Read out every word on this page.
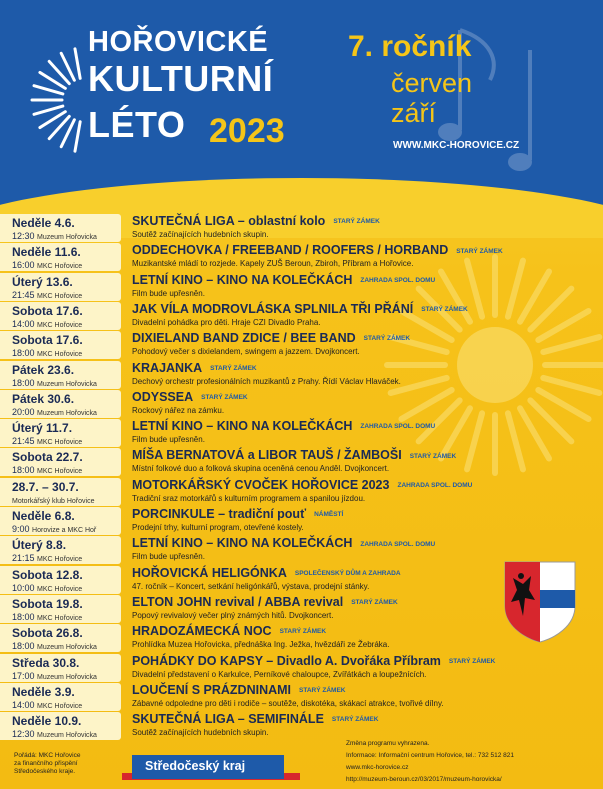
HOŘOVICKÉ
KULTURNÍ
LÉTO 2023
7. ročník
červen
září
WWW.MKC-HOROVICE.CZ
Neděle 4.6.
12:30 Muzeum Hořovicka
SKUTEČNÁ LIGA – oblastní kolo STARÝ ZÁMEK
Soutěž začínajících hudebních skupin.
Neděle 11.6.
16:00 MKC Hořovice
ODDECHOVKA / FREEBAND / ROOFERS / HORBAND STARÝ ZÁMEK
Muzikantské mládí to rozjede. Kapely ZUŠ Beroun, Zbiroh, Příbram a Hořovice.
Úterý 13.6.
21:45 MKC Hořovice
LETNÍ KINO – KINO NA KOLEČKÁCH ZAHRADA SPOL. DOMU
Film bude upřesněn.
Sobota 17.6.
14:00 MKC Hořovice
JAK VÍLA MODROVLÁSKA SPLNILA TŘI PŘÁNÍ STARÝ ZÁMEK
Divadelní pohádka pro děti. Hraje CZI Divadlo Praha.
Sobota 17.6.
18:00 MKC Hořovice
DIXIELAND BAND ZDICE / BEE BAND STARÝ ZÁMEK
Pohodový večer s dixielandem, swingem a jazzem. Dvojkoncert.
Pátek 23.6.
18:00 Muzeum Hořovicka
KRAJANKA STARÝ ZÁMEK
Dechový orchestr profesionálních muzikantů z Prahy. Řídí Václav Hlaváček.
Pátek 30.6.
20:00 Muzeum Hořovicka
ODYSSEA STARÝ ZÁMEK
Rockový nářez na zámku.
Úterý 11.7.
21:45 MKC Hořovice
LETNÍ KINO – KINO NA KOLEČKÁCH ZAHRADA SPOL. DOMU
Film bude upřesněn.
Sobota 22.7.
18:00 MKC Hořovice
MÍŠA BERNATOVÁ a LIBOR TAUŠ / ŽAMBOŠI STARÝ ZÁMEK
Místní folkové duo a folková skupina oceněná cenou Anděl. Dvojkoncert.
28.7. – 30.7.
Motorkářský klub Hořovice
MOTORKÁŘSKÝ CVOČEK HOŘOVICE 2023 ZAHRADA SPOL. DOMU
Tradiční sraz motorkářů s kulturním programem a spanilou jízdou.
Neděle 6.8.
9:00 Horovize a MKC Hoř
PORCINKULE – tradiční pouť NÁMĚSTÍ
Prodejní trhy, kulturní program, otevřené kostely.
Úterý 8.8.
21:15 MKC Hořovice
LETNÍ KINO – KINO NA KOLEČKÁCH ZAHRADA SPOL. DOMU
Film bude upřesněn.
Sobota 12.8.
10:00 MKC Hořovice
HOŘOVICKÁ HELIGÓNKA SPOLEČENSKÝ DŮM A ZAHRADA
47. ročník – Koncert, setkání heligónkářů, výstava, prodejní stánky.
Sobota 19.8.
18:00 MKC Hořovice
ELTON JOHN revival / ABBA revival STARÝ ZÁMEK
Popový revivalový večer plný známých hitů. Dvojkoncert.
Sobota 26.8.
18:00 Muzeum Hořovicka
HRADOZÁMECKÁ NOC STARÝ ZÁMEK
Prohlídka Muzea Hořovicka, přednáška Ing. Ježka, hvězdáři ze Žebráka.
Středa 30.8.
17:00 Muzeum Hořovicka
POHÁDKY DO KAPSY – Divadlo A. Dvořáka Příbram STARÝ ZÁMEK
Divadelní představení o Karkulce, Perníkové chaloupce, Zvířátkách a loupežnících.
Neděle 3.9.
14:00 MKC Hořovice
LOUČENÍ S PRÁZDNINAMI STARÝ ZÁMEK
Zábavné odpoledne pro děti i rodiče – soutěže, diskotéka, skákací atrakce, tvořivé dílny.
Neděle 10.9.
12:30 Muzeum Hořovicka
SKUTEČNÁ LIGA – SEMIFINÁLE STARÝ ZÁMEK
Soutěž začínajících hudebních skupin.
Pořádá: MKC Hořovice
za finančního přispění
Středočeského kraje.	Středočeský kraj
Změna programu vyhrazena.
Informace: Informační centrum Hořovice, tel.: 732 512 821
www.mkc-horovice.cz
http://muzeum-beroun.cz/03/2017/muzeum-horovicka/
